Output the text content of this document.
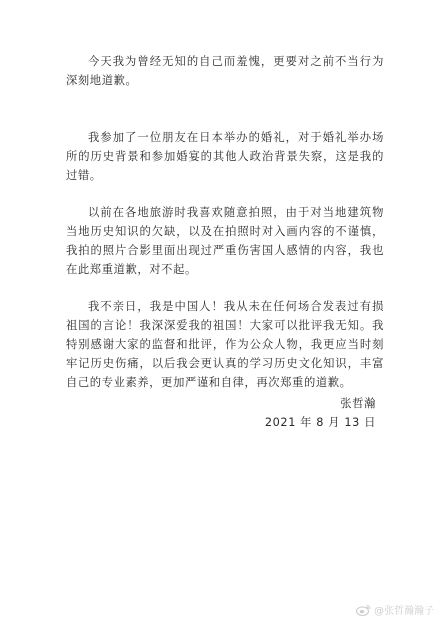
今天我为曾经无知的自己而羞愧，更要对之前不当行为深刻地道歉。

我参加了一位朋友在日本举办的婚礼，对于婚礼举办场所的历史背景和参加婚宴的其他人政治背景失察，这是我的过错。

以前在各地旅游时我喜欢随意拍照，由于对当地建筑物当地历史知识的欠缺，以及在拍照时对入画内容的不谨慎，我拍的照片合影里面出现过严重伤害国人感情的内容，我也在此郑重道歉，对不起。

我不亲日，我是中国人！我从未在任何场合发表过有损祖国的言论！我深深爱我的祖国！大家可以批评我无知。我特别感谢大家的监督和批评，作为公众人物，我更应当时刻牢记历史伤痛，以后我会更认真的学习历史文化知识，丰富自己的专业素养，更加严谨和自律，再次郑重的道歉。

张哲瀚
2021 年 8 月 13 日
@张哲瀚瀚子
